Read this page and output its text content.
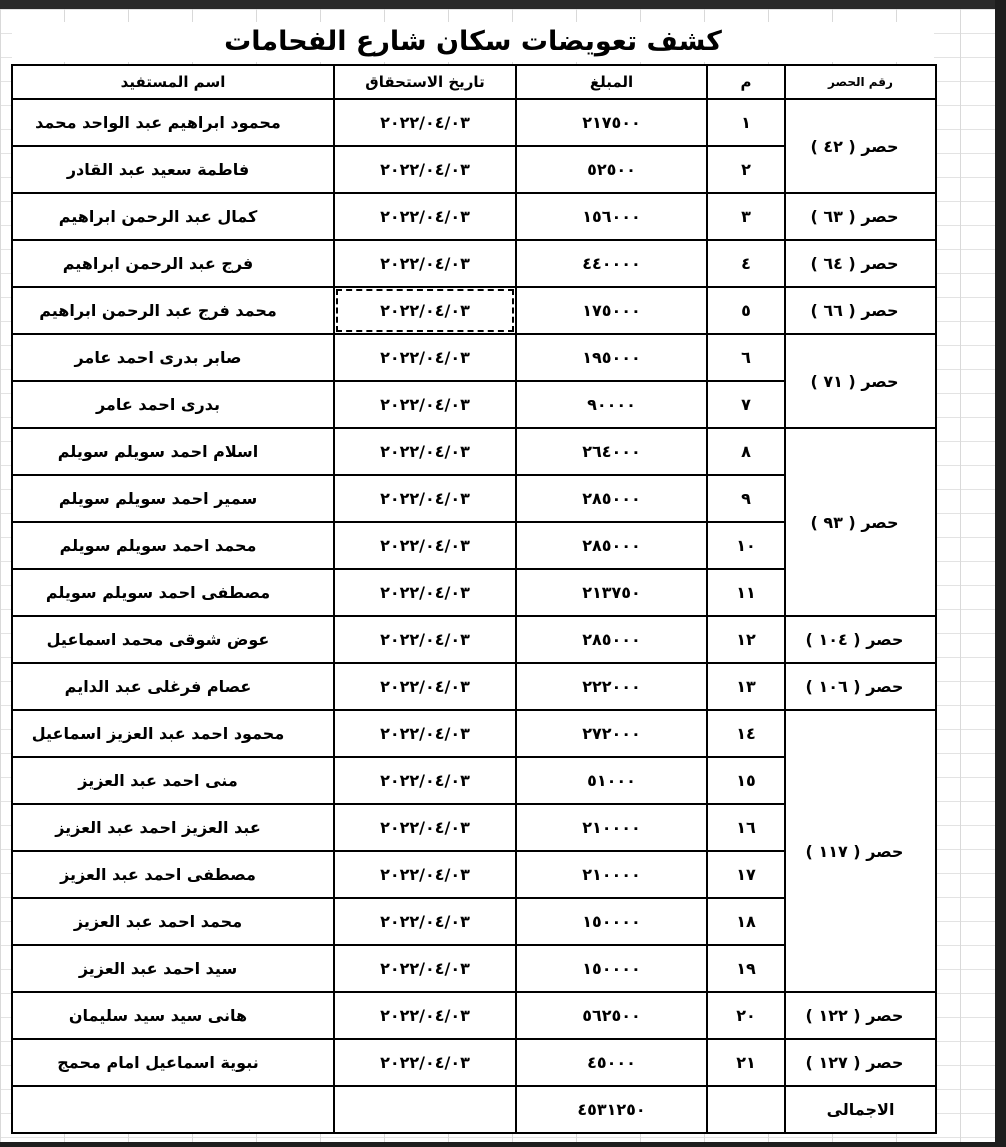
كشف تعويضات سكان شارع الفحامات
اسم المستفيد	تاريخ الاستحقاق	المبلغ	م	رقم الحصر
محمود ابراهيم عبد الواحد محمد	٢٠٢٢/٠٤/٠٣	٢١٧٥٠٠	١	حصر ( ٤٢ )
فاطمة سعيد عبد القادر	٢٠٢٢/٠٤/٠٣	٥٢٥٠٠	٢	
كمال عبد الرحمن ابراهيم	٢٠٢٢/٠٤/٠٣	١٥٦٠٠٠	٣	حصر ( ٦٣ )
فرج عبد الرحمن ابراهيم	٢٠٢٢/٠٤/٠٣	٤٤٠٠٠٠	٤	حصر ( ٦٤ )
محمد فرج عبد الرحمن ابراهيم	٢٠٢٢/٠٤/٠٣	١٧٥٠٠٠	٥	حصر ( ٦٦ )
صابر بدرى احمد عامر	٢٠٢٢/٠٤/٠٣	١٩٥٠٠٠	٦	حصر ( ٧١ )
بدرى احمد عامر	٢٠٢٢/٠٤/٠٣	٩٠٠٠٠	٧	
اسلام احمد سويلم سويلم	٢٠٢٢/٠٤/٠٣	٢٦٤٠٠٠	٨	حصر ( ٩٣ )
سمير احمد سويلم سويلم	٢٠٢٢/٠٤/٠٣	٢٨٥٠٠٠	٩	
محمد احمد سويلم سويلم	٢٠٢٢/٠٤/٠٣	٢٨٥٠٠٠	١٠	
مصطفى احمد سويلم سويلم	٢٠٢٢/٠٤/٠٣	٢١٣٧٥٠	١١	
عوض شوقى محمد اسماعيل	٢٠٢٢/٠٤/٠٣	٢٨٥٠٠٠	١٢	حصر ( ١٠٤ )
عصام فرغلى عبد الدايم	٢٠٢٢/٠٤/٠٣	٢٢٢٠٠٠	١٣	حصر ( ١٠٦ )
محمود احمد عبد العزيز اسماعيل	٢٠٢٢/٠٤/٠٣	٢٧٢٠٠٠	١٤	حصر ( ١١٧ )
منى احمد عبد العزيز	٢٠٢٢/٠٤/٠٣	٥١٠٠٠	١٥	
عبد العزيز احمد عبد العزيز	٢٠٢٢/٠٤/٠٣	٢١٠٠٠٠	١٦	
مصطفى احمد عبد العزيز	٢٠٢٢/٠٤/٠٣	٢١٠٠٠٠	١٧	
محمد احمد عبد العزيز	٢٠٢٢/٠٤/٠٣	١٥٠٠٠٠	١٨	
سيد احمد عبد العزيز	٢٠٢٢/٠٤/٠٣	١٥٠٠٠٠	١٩	
هانى سيد سيد سليمان	٢٠٢٢/٠٤/٠٣	٥٦٢٥٠٠	٢٠	حصر ( ١٢٢ )
نبوية اسماعيل امام محمج	٢٠٢٢/٠٤/٠٣	٤٥٠٠٠	٢١	حصر ( ١٢٧ )
		٤٥٣١٢٥٠		الاجمالى
